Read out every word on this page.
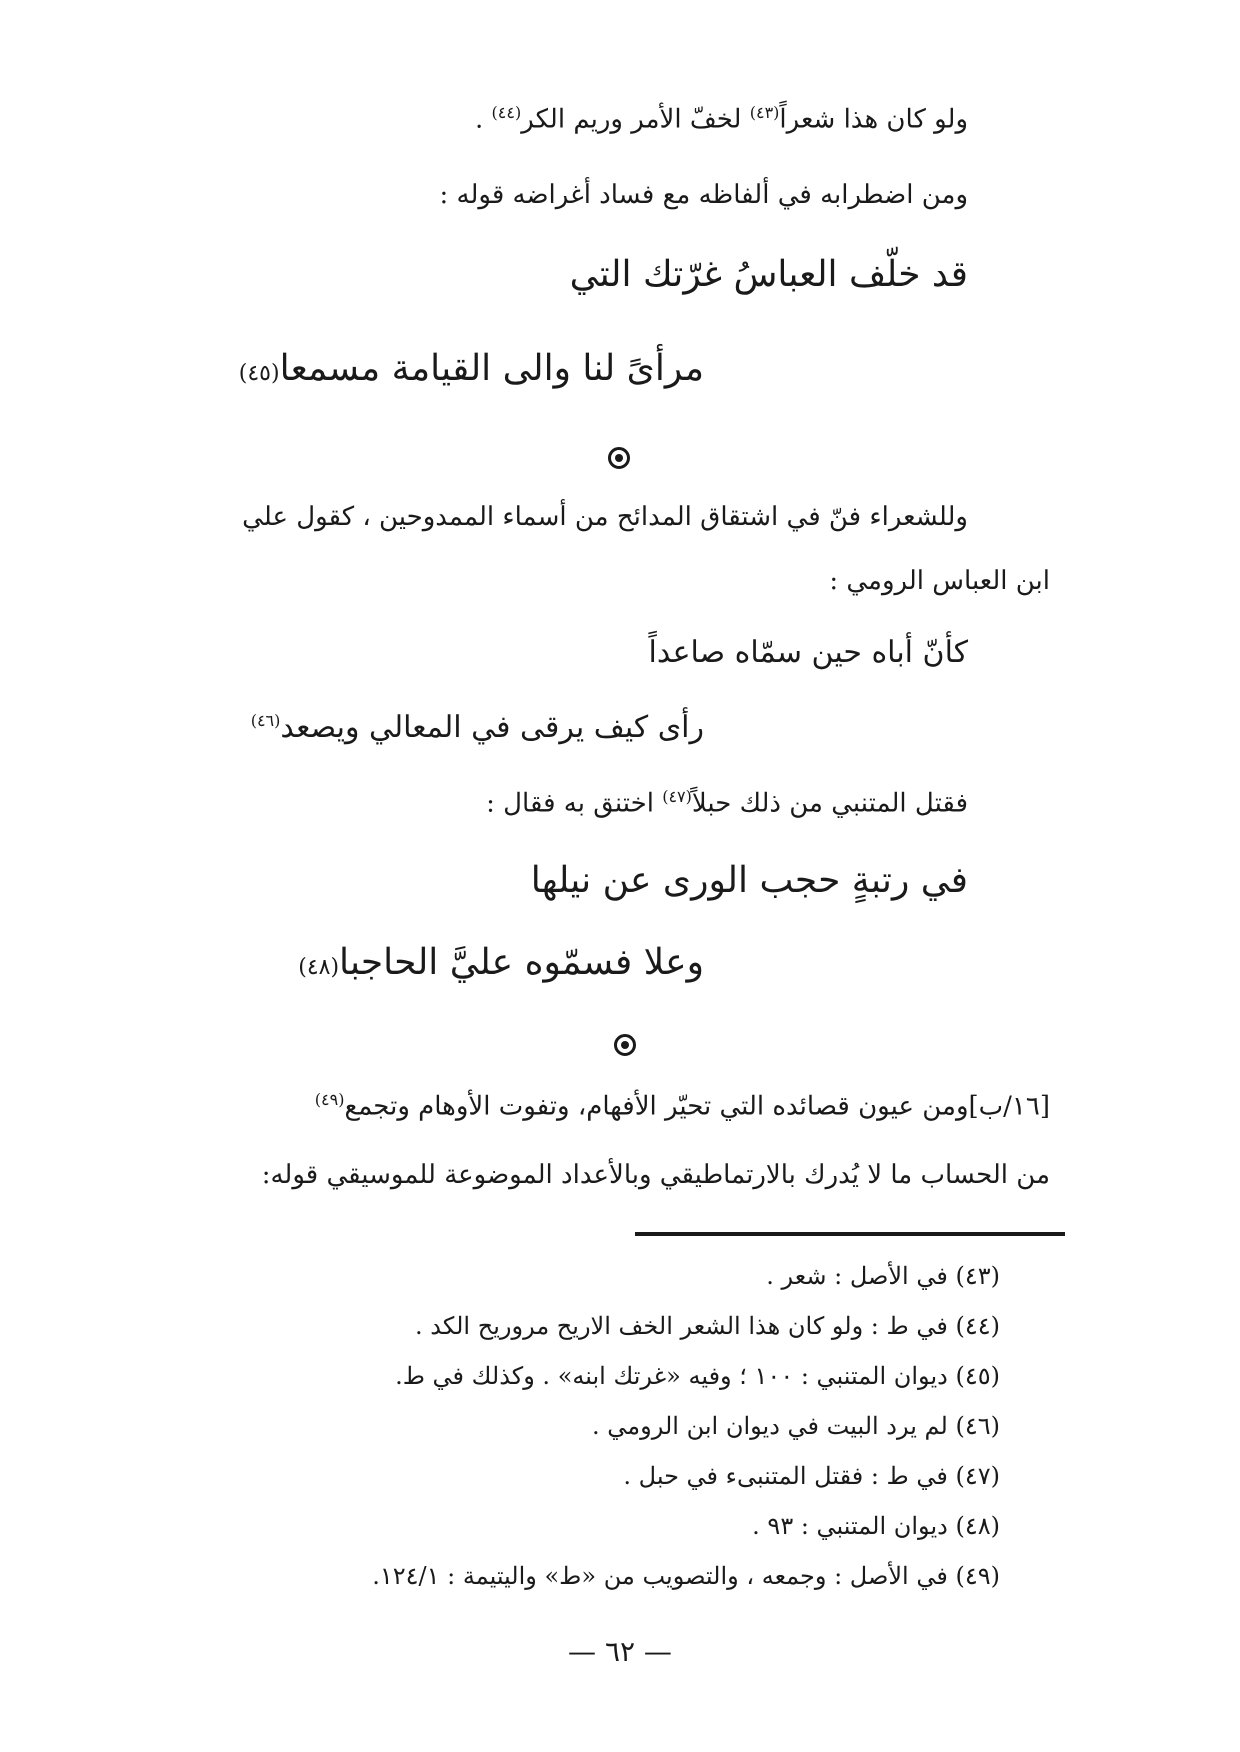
ولو كان هذا شعراً$^{(٤٣)}$ لخفّ الأمر وريم الكر$^{(٤٤)}$ .
ومن اضطرابه في ألفاظه مع فساد أغراضه قوله :
قد خلّف العباسُ غرّتك التي
مرأىً لنا والى القيامة مسمعا(٤٥)
وللشعراء فنّ في اشتقاق المدائح من أسماء الممدوحين ، كقول علي
ابن العباس الرومي :
كأنّ أباه حين سمّاه صاعداً
رأى كيف يرقى في المعالي ويصعد$^{(٤٦)}$
فقتل المتنبي من ذلك حبلاً$^{(٤٧)}$ اختنق به فقال :
في رتبةٍ حجب الورى عن نيلها
وعلا فسمّوه عليَّ الحاجبا(٤٨)
[١٦/ب]ومن عيون قصائده التي تحيّر الأفهام، وتفوت الأوهام وتجمع$^{(٤٩)}$
من الحساب ما لا يُدرك بالارتماطيقي وبالأعداد الموضوعة للموسيقي قوله:
(٤٣) في الأصل : شعر .
(٤٤) في ط : ولو كان هذا الشعر الخف الاريح مروريح الكد .
(٤٥) ديوان المتنبي : ١٠٠ ؛ وفيه «غرتك ابنه» . وكذلك في ط.
(٤٦) لم يرد البيت في ديوان ابن الرومي .
(٤٧) في ط : فقتل المتنبىء في حبل .
(٤٨) ديوان المتنبي : ٩٣ .
(٤٩) في الأصل : وجمعه ، والتصويب من «ط» واليتيمة : ١٢٤/١.
— ٦٢ —
